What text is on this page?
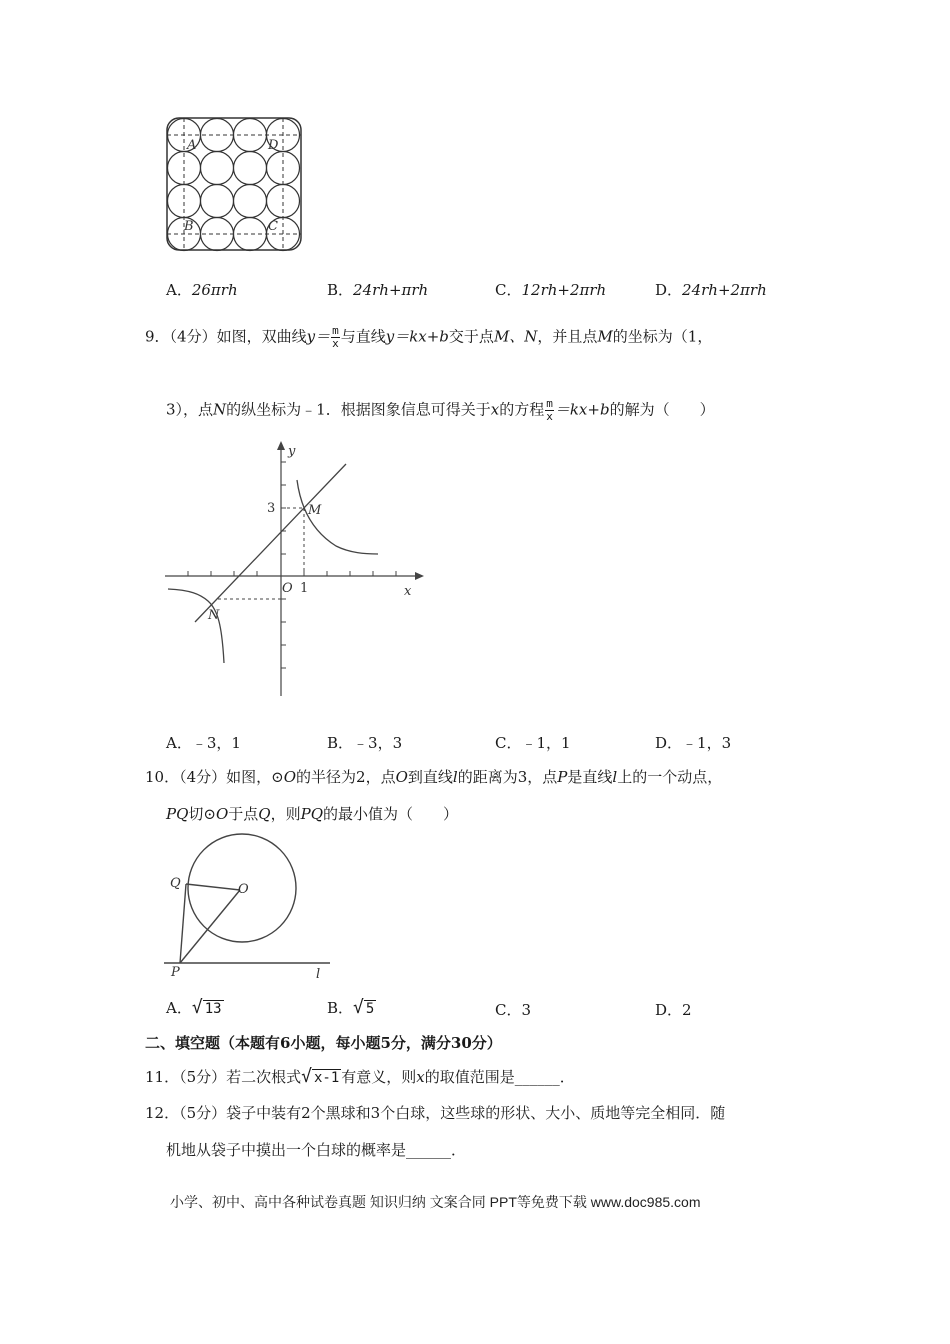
A	D
B	C
A．26πrh	B．24rh+πrh	C．12rh+2πrh	D．24rh+2πrh
9．（4分）如图，双曲线$y= \frac{m}{x}$ 与直线y＝kx+b交于点M、N，并且点M的坐标为（1，
3），点N的纵坐标为﹣1．根据图象信息可得关于x的方程 $\frac{m}{x} =kx+b$的解为（　　）
y
x
3
1
O
M
N
A．﹣3，1	B．﹣3，3	C．﹣1，1	D．﹣1，3
10．（4分）如图，⊙O的半径为2，点O到直线l的距离为3，点P是直线l上的一个动点，
PQ切⊙O于点Q，则PQ的最小值为（　　）
Q	O
P	l
A．√ 13	B．√ 5	C．3	D．2
二、填空题（本题有6小题，每小题5分，满分30分）
11．（5分）若二次根式√ x-1 有意义，则x的取值范围是______．
12．（5分）袋子中装有2个黑球和3个白球，这些球的形状、大小、质地等完全相同．随
机地从袋子中摸出一个白球的概率是______．
小学、初中、高中各种试卷真题 知识归纳 文案合同 PPT等免费下载 www.doc985.com
